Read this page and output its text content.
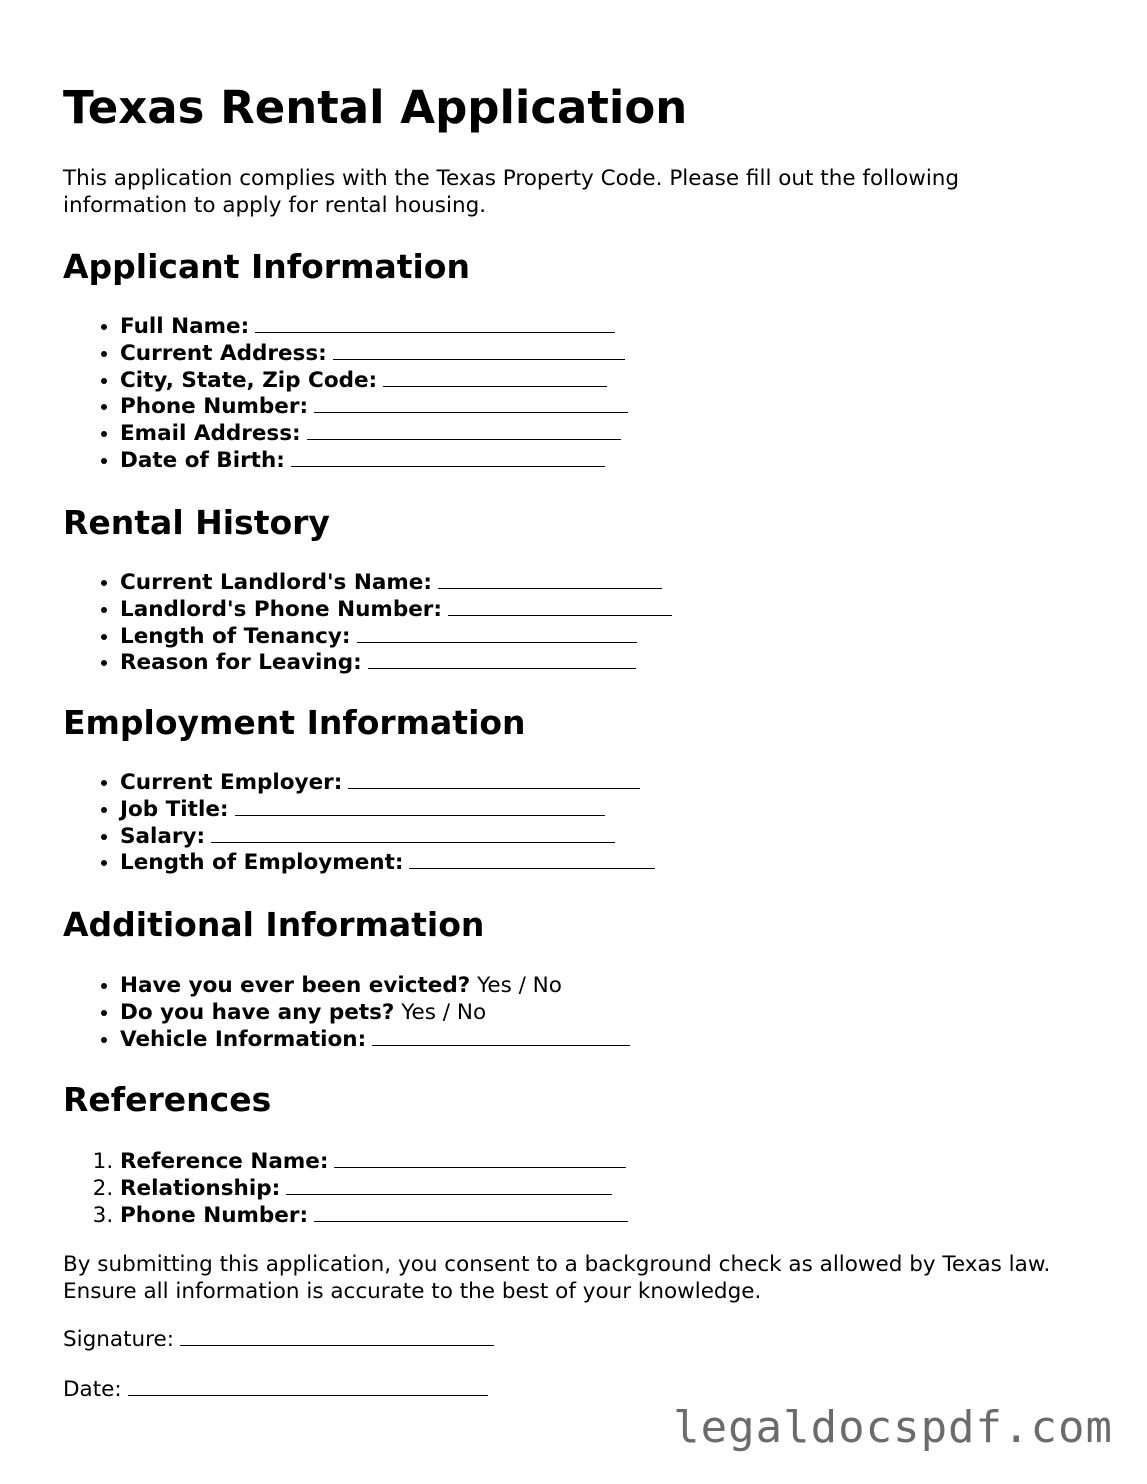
Texas Rental Application

This application complies with the Texas Property Code. Please fill out the following information to apply for rental housing.

Applicant Information
• Full Name:
• Current Address:
• City, State, Zip Code:
• Phone Number:
• Email Address:
• Date of Birth:
Rental History
• Current Landlord's Name:
• Landlord's Phone Number:
• Length of Tenancy:
• Reason for Leaving:
Employment Information
• Current Employer:
• Job Title:
• Salary:
• Length of Employment:
Additional Information
• Have you ever been evicted? Yes / No
• Do you have any pets? Yes / No
• Vehicle Information:
References
1. Reference Name:
2. Relationship:
3. Phone Number:

By submitting this application, you consent to a background check as allowed by Texas law. Ensure all information is accurate to the best of your knowledge.

Signature:

Date:

legaldocspdf.com
